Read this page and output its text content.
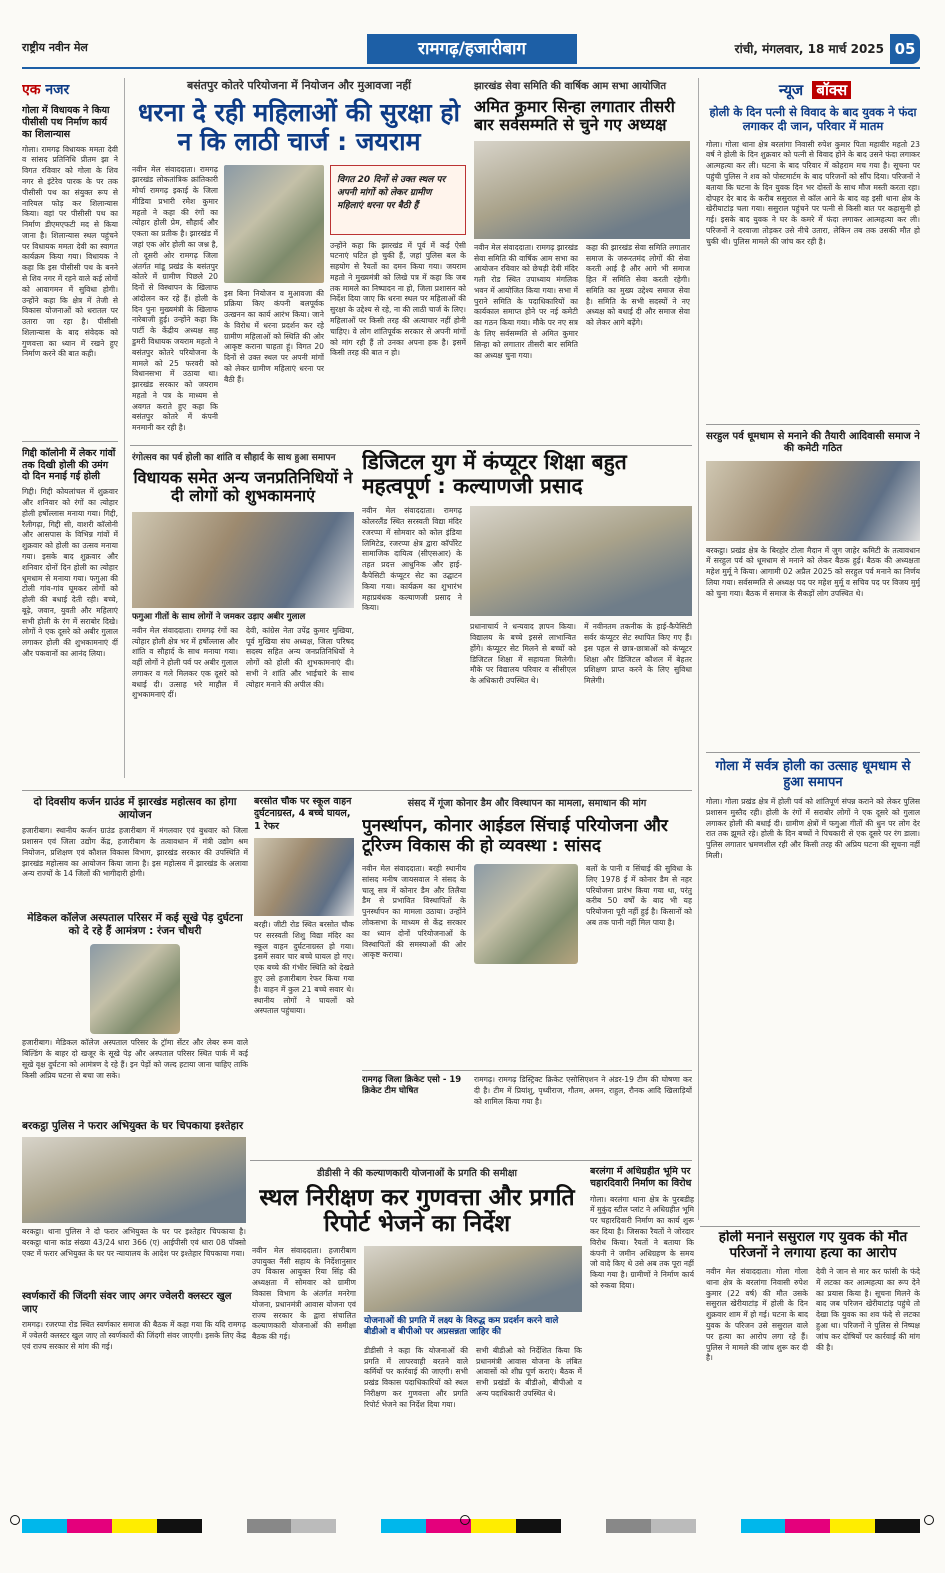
राष्ट्रीय नवीन मेल	रामगढ़/हजारीबाग	रांची, मंगलवार, 18 मार्च 2025 05
एक नजर
गोला में विधायक ने किया पीसीसी पथ निर्माण कार्य का शिलान्यास
गोला। रामगढ़ विधायक ममता देवी व सांसद प्रतिनिधि प्रीतम झा ने विगत रविवार को गोला के शिव नगर से इंटेरेव पारक के पर तक पीसीसी पथ का संयुक्त रूप से नारियल फोड़ कर शिलान्यास किया। वहां पर पीसीसी पथ का निर्माण डीएमएफटी मद से किया जाना है। शिलान्यास स्थल पहुंचने पर विधायक ममता देवी का स्वागत कार्यक्रम किया गया। विधायक ने कहा कि इस पीसीसी पथ के बनने से शिव नगर में रहने वाले कई लोगों को आवागमन में सुविधा होगी। उन्होंने कहा कि क्षेत्र में तेजी से विकास योजनाओं को धरातल पर उतारा जा रहा है। पीसीसी शिलान्यास के बाद संवेदक को गुणवत्ता का ध्यान में रखने हुए निर्माण करने की बात कही।
गिद्दी कॉलोनी में लेकर गांवों तक दिखी होली की उमंग दो दिन मनाई गई होली
गिद्दी। गिद्दी कोयलांचल में शुक्रवार और शनिवार को रंगों का त्योहार होली हर्षोल्लास मनाया गया। गिद्दी, रैलीगढ़ा, गिद्दी सी, वाशरी कॉलोनी और आसपास के विभिन्न गांवों में शुक्रवार को होली का उत्सव मनाया गया। इसके बाद शुक्रवार और शनिवार दोनों दिन होली का त्योहार धूमधाम से मनाया गया। फगुआ की टोली गांव-गांव घूमकर लोगों को होली की बधाई देती रही। बच्चे, बूढ़े, जवान, युवती और महिलाएं सभी होली के रंग में सराबोर दिखे। लोगों ने एक दूसरे को अबीर गुलाल लगाकर होली की शुभकामनाएं दीं और पकवानों का आनंद लिया।
बसंतपुर कोतरे परियोजना में नियोजन और मुआवजा नहीं
धरना दे रही महिलाओं की सुरक्षा हो न कि लाठी चार्ज : जयराम
नवीन मेल संवाददाता। रामगढ़ झारखंड लोकतांत्रिक क्रांतिकारी मोर्चा रामगढ़ इकाई के जिला मीडिया प्रभारी रमेश कुमार महतो ने कहा की रंगों का त्योहार होली प्रेम, सौहार्द और एकता का प्रतीक है। झारखंड में जहां एक ओर होली का जश्न है, तो दूसरी ओर रामगढ़ जिला अंतर्गत मांडू प्रखंड के बसंतपुर कोतरे में ग्रामीण पिछले 20 दिनों से विस्थापन के खिलाफ आंदोलन कर रहे हैं। होली के दिन पुनः मुख्यमंत्री के खिलाफ नारेबाजी हुई। उन्होंने कहा कि पार्टी के केंद्रीय अध्यक्ष सह डुमरी विधायक जयराम महतो ने बसंतपुर कोतरे परियोजना के मामले को 25 फरवरी को विधानसभा में उठाया था। झारखंड सरकार को जयराम महतो ने पत्र के माध्यम से अवगत कराते हुए कहा कि बसंतपुर कोतरे में कंपनी मनमानी कर रही है।
विगत 20 दिनों से उक्त स्थल पर अपनी मांगों को लेकर ग्रामीण महिलाएं धरना पर बैठी हैं
इस बिना नियोजन व मुआवजा की प्रक्रिया किए कंपनी बलपूर्वक उत्खनन का कार्य आरंभ किया। जाने के विरोध में धरना प्रदर्शन कर रहे ग्रामीण महिलाओं को स्थिति की ओर आकृष्ट कराना चाहता हूं। विगत 20 दिनों से उक्त स्थल पर अपनी मांगों को लेकर ग्रामीण महिलाएं धरना पर बैठी हैं।
उन्होंने कहा कि झारखंड में पूर्व में कई ऐसी घटनाएं घटित हो चुकी हैं, जहां पुलिस बल के सहयोग से रैयतों का दमन किया गया। जयराम महतो ने मुख्यमंत्री को लिखे पत्र में कहा कि जब तक मामले का निष्पादन ना हो, जिला प्रशासन को निर्देश दिया जाए कि धरना स्थल पर महिलाओं की सुरक्षा के उद्देश्य से रहे, ना की लाठी चार्ज के लिए। महिलाओं पर किसी तरह की अत्याचार नहीं होनी चाहिए। वे लोग शांतिपूर्वक सरकार से अपनी मांगों को मांग रही हैं तो उनका अपना हक है। इसमें किसी तरह की बात न हो।
झारखंड सेवा समिति की वार्षिक आम सभा आयोजित
अमित कुमार सिन्हा लगातार तीसरी बार सर्वसम्मति से चुने गए अध्यक्ष
नवीन मेल संवाददाता। रामगढ़ झारखंड सेवा समिति की वार्षिक आम सभा का आयोजन रविवार को छेचड़ी देवी मंदिर गली रोड स्थित उपाध्याय मंगलिक भवन में आयोजित किया गया। सभा में पुराने समिति के पदाधिकारियों का कार्यकाल समाप्त होने पर नई कमेटी का गठन किया गया। मौके पर नए सत्र के लिए सर्वसम्मति से अमित कुमार सिन्हा को लगातार तीसरी बार समिति का अध्यक्ष चुना गया।
कहा की झारखंड सेवा समिति लगातार समाज के जरूरतमंद लोगों की सेवा करती आई है और आगे भी समाज हित में समिति सेवा करती रहेगी। समिति का मुख्य उद्देश्य समाज सेवा है। समिति के सभी सदस्यों ने नए अध्यक्ष को बधाई दी और समाज सेवा को लेकर आगे बढ़ेंगे।
न्यूज बॉक्स
होली के दिन पत्नी से विवाद के बाद युवक ने फंदा लगाकर दी जान, परिवार में मातम
गोला। गोला थाना क्षेत्र बरलांगा निवासी रुपेश कुमार पिता महावीर महतो 23 वर्ष ने होली के दिन शुक्रवार को पत्नी से विवाद होने के बाद उसने फंदा लगाकर आत्महत्या कर ली। घटना के बाद परिवार में कोहराम मच गया है। सूचना पर पहुंची पुलिस ने शव को पोस्टमार्टम के बाद परिजनों को सौंप दिया। परिजनों ने बताया कि घटना के दिन युवक दिन भर दोस्तों के साथ मौज मस्ती करता रहा। दोपहर देर बाद के करीब ससुराल से कॉल आने के बाद वह इसी थाना क्षेत्र के खेरीयाटांड़ चला गया। ससुराल पहुंचने पर पत्नी से किसी बात पर कहासुनी हो गई। इसके बाद युवक ने घर के कमरे में फंदा लगाकर आत्महत्या कर ली। परिजनों ने दरवाजा तोड़कर उसे नीचे उतारा, लेकिन तब तक उसकी मौत हो चुकी थी। पुलिस मामले की जांच कर रही है।
सरहुल पर्व धूमधाम से मनाने की तैयारी आदिवासी समाज ने की कमेटी गठित
बरकट्ठा। प्रखंड क्षेत्र के बिरहोर टोला मैदान में जुग जाहेर कमिटी के तत्वावधान में सरहुल पर्व को धूमधाम से मनाने को लेकर बैठक हुई। बैठक की अध्यक्षता महेश मुर्मू ने किया। आगामी 02 अप्रैल 2025 को सरहुल पर्व मनाने का निर्णय लिया गया। सर्वसम्मति से अध्यक्ष पद पर महेश मुर्मू व सचिव पद पर विजय मुर्मू को चुना गया। बैठक में समाज के सैकड़ों लोग उपस्थित थे।
गोला में सर्वत्र होली का उत्साह धूमधाम से हुआ समापन
गोला। गोला प्रखंड क्षेत्र में होली पर्व को शांतिपूर्ण संपन्न कराने को लेकर पुलिस प्रशासन मुस्तैद रही। होली के रंगों में सराबोर लोगों ने एक दूसरे को गुलाल लगाकर होली की बधाई दी। ग्रामीण क्षेत्रों में फगुआ गीतों की धुन पर लोग देर रात तक झूमते रहे। होली के दिन बच्चों ने पिचकारी से एक दूसरे पर रंग डाला। पुलिस लगातार भ्रमणशील रही और किसी तरह की अप्रिय घटना की सूचना नहीं मिली।
रंगोत्सव का पर्व होली का शांति व सौहार्द के साथ हुआ समापन
विधायक समेत अन्य जनप्रतिनिधियों ने दी लोगों को शुभकामनाएं
फगुआ गीतों के साथ लोगों ने जमकर उड़ाए अबीर गुलाल
नवीन मेल संवाददाता। रामगढ़ रंगों का त्योहार होली क्षेत्र भर में हर्षोल्लास और शांति व सौहार्द के साथ मनाया गया। वहीं लोगों ने होली पर्व पर अबीर गुलाल लगाकर व गले मिलकर एक दूसरे को बधाई दी। उत्साह भरे माहौल में शुभकामनाएं दीं।
देवी, कांग्रेस नेता उपेंद्र कुमार मुखिया, पूर्व मुखिया संघ अध्यक्ष, जिला परिषद सदस्य सहित अन्य जनप्रतिनिधियों ने लोगों को होली की शुभकामनाएं दी। सभी ने शांति और भाईचारे के साथ त्योहार मनाने की अपील की।
डिजिटल युग में कंप्यूटर शिक्षा बहुत महत्वपूर्ण : कल्याणजी प्रसाद
नवीन मेल संवाददाता। रामगढ़ कोलरलैंड स्थित सरस्वती विद्या मंदिर रजरप्पा में सोमवार को कोल इंडिया लिमिटेड, रजरप्पा क्षेत्र द्वारा कॉर्पोरेट सामाजिक दायित्व (सीएसआर) के तहत प्रदत्त आधुनिक और हाई-कैपेसिटी कंप्यूटर सेट का उद्घाटन किया गया। कार्यक्रम का शुभारंभ महाप्रबंधक कल्याणजी प्रसाद ने किया।
प्रधानाचार्य ने धन्यवाद ज्ञापन किया। विद्यालय के बच्चे इससे लाभान्वित होंगे। कंप्यूटर सेट मिलने से बच्चों को डिजिटल शिक्षा में सहायता मिलेगी। मौके पर विद्यालय परिवार व सीसीएल के अधिकारी उपस्थित थे।
में नवीनतम तकनीक के हाई-कैपेसिटी सर्वर कंप्यूटर सेट स्थापित किए गए हैं। इस पहल से छात्र-छात्राओं को कंप्यूटर शिक्षा और डिजिटल कौशल में बेहतर प्रशिक्षण प्राप्त करने के लिए सुविधा मिलेगी।
दो दिवसीय कर्जन ग्राउंड में झारखंड महोत्सव का होगा आयोजन
हजारीबाग। स्थानीय कर्जन ग्राउंड हजारीबाग में मंगलवार एवं बुधवार को जिला प्रशासन एवं जिला उद्योग केंद्र, हजारीबाग के तत्वावधान में मंत्री उद्योग श्रम नियोजन, प्रशिक्षण एवं कौशल विकास विभाग, झारखंड सरकार की उपस्थिति में झारखंड महोत्सव का आयोजन किया जाना है। इस महोत्सव में झारखंड के अलावा अन्य राज्यों के 14 जिलों की भागीदारी होगी।
मेडिकल कॉलेज अस्पताल परिसर में कई सूखे पेड़ दुर्घटना को दे रहे हैं आमंत्रण : रंजन चौधरी
हजारीबाग। मेडिकल कॉलेज अस्पताल परिसर के ट्रॉमा सेंटर और लेबर रूम वाले बिल्डिंग के बाहर दो खजूर के सूखे पेड़ और अस्पताल परिसर स्थित पार्क में कई सूखे वृक्ष दुर्घटना को आमंत्रण दे रहे हैं। इन पेड़ों को जल्द हटाया जाना चाहिए ताकि किसी अप्रिय घटना से बचा जा सके।
बरसोत चौक पर स्कूल वाहन दुर्घटनाग्रस्त, 4 बच्चे घायल, 1 रेफर
बरही। जीटी रोड स्थित बरसोत चौक पर सरस्वती शिशु विद्या मंदिर का स्कूल वाहन दुर्घटनाग्रस्त हो गया। इसमें सवार चार बच्चे घायल हो गए। एक बच्चे की गंभीर स्थिति को देखते हुए उसे हजारीबाग रेफर किया गया है। वाहन में कुल 21 बच्चे सवार थे। स्थानीय लोगों ने घायलों को अस्पताल पहुंचाया।
बरकट्ठा पुलिस ने फरार अभियुक्त के घर चिपकाया इश्तेहार
बरकट्ठा। थाना पुलिस ने दो फरार अभियुक्त के घर पर इश्तेहार चिपकाया है। बरकट्ठा थाना कांड संख्या 43/24 धारा 366 (ए) आईपीसी एवं धारा 08 पॉक्सो एक्ट में फरार अभियुक्त के घर पर न्यायालय के आदेश पर इश्तेहार चिपकाया गया।
स्वर्णकारों की जिंदगी संवर जाए अगर ज्वेलरी क्लस्टर खुल जाए
रामगढ़। रजरप्पा रोड स्थित स्वर्णकार समाज की बैठक में कहा गया कि यदि रामगढ़ में ज्वेलरी क्लस्टर खुल जाए तो स्वर्णकारों की जिंदगी संवर जाएगी। इसके लिए केंद्र एवं राज्य सरकार से मांग की गई।
संसद में गूंजा कोनार डैम और विस्थापन का मामला, समाधान की मांग
पुनर्स्थापन, कोनार आईडल सिंचाई परियोजना और टूरिज्म विकास की हो व्यवस्था : सांसद
नवीन मेल संवाददाता। बरही स्थानीय सांसद मनीष जायसवाल ने संसद के चालू सत्र में कोनार डैम और तिलैया डैम से प्रभावित विस्थापितों के पुनर्स्थापन का मामला उठाया। उन्होंने लोकसभा के माध्यम से केंद्र सरकार का ध्यान दोनों परियोजनाओं के विस्थापितों की समस्याओं की ओर आकृष्ट कराया।
बलों के पानी व सिंचाई की सुविधा के लिए 1978 ई में कोनार डैम से नहर परियोजना प्रारंभ किया गया था, परंतु करीब 50 वर्षों के बाद भी यह परियोजना पूरी नहीं हुई है। किसानों को अब तक पानी नहीं मिल पाया है।
रामगढ़ जिला क्रिकेट एसो - 19 क्रिकेट टीम घोषित
रामगढ़। रामगढ़ डिस्ट्रिक्ट क्रिकेट एसोसिएशन ने अंडर-19 टीम की घोषणा कर दी है। टीम में प्रियांशु, पृथ्वीराज, गौतम, अमन, राहुल, रौनक आदि खिलाड़ियों को शामिल किया गया है।
डीडीसी ने की कल्याणकारी योजनाओं के प्रगति की समीक्षा
स्थल निरीक्षण कर गुणवत्ता और प्रगति रिपोर्ट भेजने का निर्देश
नवीन मेल संवाददाता। हजारीबाग उपायुक्त नैंसी सहाय के निर्देशानुसार उप विकास आयुक्त रिया सिंह की अध्यक्षता में सोमवार को ग्रामीण विकास विभाग के अंतर्गत मनरेगा योजना, प्रधानमंत्री आवास योजना एवं राज्य सरकार के द्वारा संचालित कल्याणकारी योजनाओं की समीक्षा बैठक की गई।
योजनाओं की प्रगति में लक्ष्य के विरुद्ध कम प्रदर्शन करने वाले बीडीओ व बीपीओ पर अप्रसन्नता जाहिर की
डीडीसी ने कहा कि योजनाओं की प्रगति में लापरवाही बरतने वाले कर्मियों पर कार्रवाई की जाएगी। सभी प्रखंड विकास पदाधिकारियों को स्थल निरीक्षण कर गुणवत्ता और प्रगति रिपोर्ट भेजने का निर्देश दिया गया।
सभी बीडीओ को निर्देशित किया कि प्रधानमंत्री आवास योजना के लंबित आवासों को शीघ्र पूर्ण कराएं। बैठक में सभी प्रखंडों के बीडीओ, बीपीओ व अन्य पदाधिकारी उपस्थित थे।
बरलंगा में अधिग्रहीत भूमि पर चहारदिवारी निर्माण का विरोध
गोला। बरलंगा थाना क्षेत्र के पुरबडीह में मुकुंद स्टील प्लांट ने अधिग्रहीत भूमि पर चहारदिवारी निर्माण का कार्य शुरू कर दिया है। जिसका रैयतों ने जोरदार विरोध किया। रैयतों ने बताया कि कंपनी ने जमीन अधिग्रहण के समय जो वादे किए थे उसे अब तक पूरा नहीं किया गया है। ग्रामीणों ने निर्माण कार्य को रुकवा दिया।
होली मनाने ससुराल गए युवक की मौत परिजनों ने लगाया हत्या का आरोप
नवीन मेल संवाददाता। गोला गोला थाना क्षेत्र के बरलांगा निवासी रुपेश कुमार (22 वर्ष) की मौत उसके ससुराल खेरीयाटांड़ में होली के दिन शुक्रवार शाम में हो गई। घटना के बाद युवक के परिजन उसे ससुराल वाले पर हत्या का आरोप लगा रहे हैं। पुलिस ने मामले की जांच शुरू कर दी है।
देवी ने जान से मार कर फांसी के फंदे में लटका कर आत्महत्या का रूप देने का प्रयास किया है। सूचना मिलने के बाद जब परिजन खेरीयाटांड़ पहुंचे तो देखा कि युवक का शव फंदे से लटका हुआ था। परिजनों ने पुलिस से निष्पक्ष जांच कर दोषियों पर कार्रवाई की मांग की है।
